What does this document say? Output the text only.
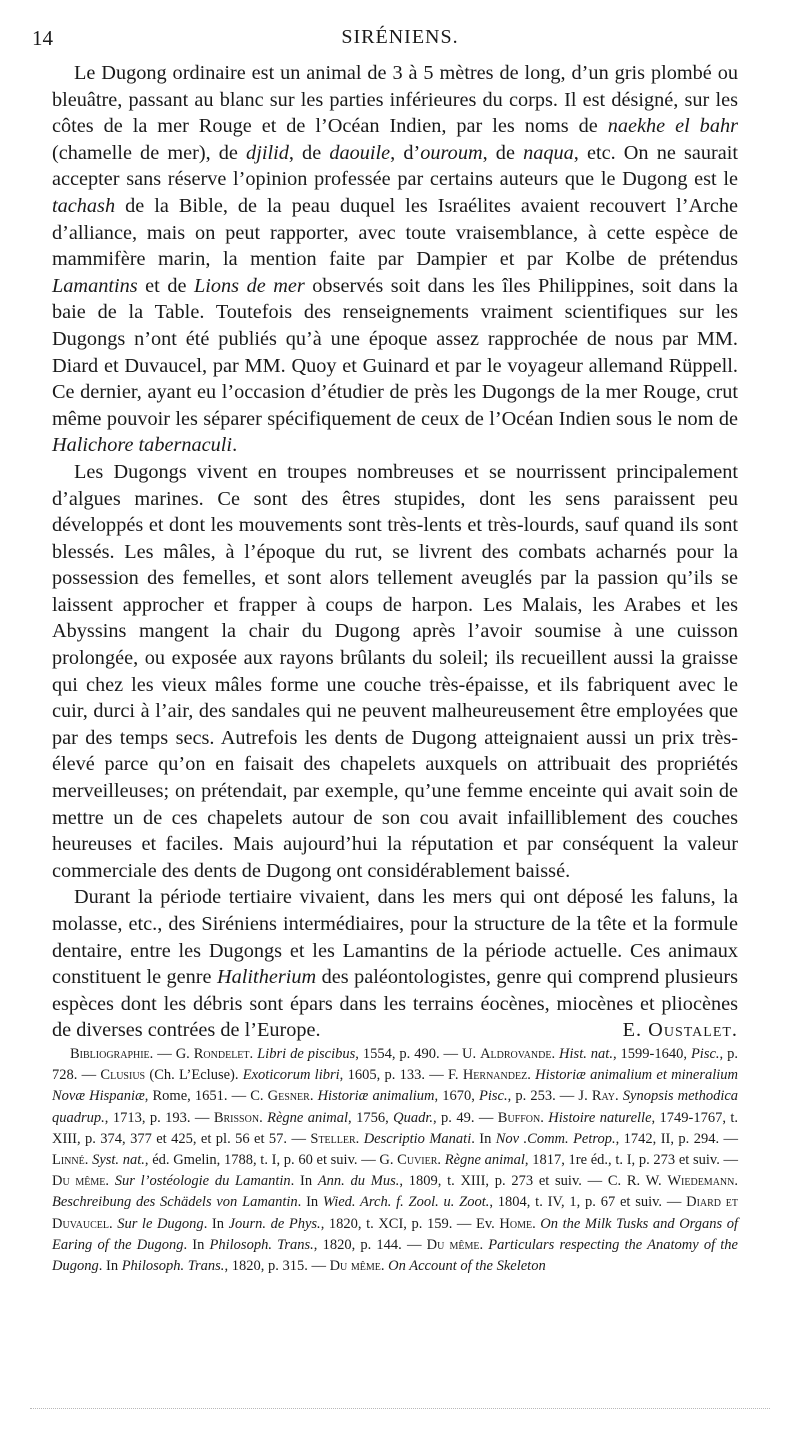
14	SIRÉNIENS.

Le Dugong ordinaire est un animal de 3 à 5 mètres de long, d’un gris plombé ou bleuâtre, passant au blanc sur les parties inférieures du corps. Il est désigné, sur les côtes de la mer Rouge et de l’Océan Indien, par les noms de naekhe el bahr (chamelle de mer), de djilid, de daouile, d’ouroum, de naqua, etc. On ne saurait accepter sans réserve l’opinion professée par certains auteurs que le Dugong est le tachash de la Bible, de la peau duquel les Israélites avaient recouvert l’Arche d’alliance, mais on peut rapporter, avec toute vraisemblance, à cette espèce de mammifère marin, la mention faite par Dampier et par Kolbe de prétendus Lamantins et de Lions de mer observés soit dans les îles Philippines, soit dans la baie de la Table. Toutefois des renseignements vraiment scientifiques sur les Dugongs n’ont été publiés qu’à une époque assez rapprochée de nous par MM. Diard et Duvaucel, par MM. Quoy et Guinard et par le voyageur allemand Rüppell. Ce dernier, ayant eu l’occasion d’étudier de près les Dugongs de la mer Rouge, crut même pouvoir les séparer spécifiquement de ceux de l’Océan Indien sous le nom de Halichore tabernaculi.

Les Dugongs vivent en troupes nombreuses et se nourrissent principalement d’algues marines. Ce sont des êtres stupides, dont les sens paraissent peu développés et dont les mouvements sont très-lents et très-lourds, sauf quand ils sont blessés. Les mâles, à l’époque du rut, se livrent des combats acharnés pour la possession des femelles, et sont alors tellement aveuglés par la passion qu’ils se laissent approcher et frapper à coups de harpon. Les Malais, les Arabes et les Abyssins mangent la chair du Dugong après l’avoir soumise à une cuisson prolongée, ou exposée aux rayons brûlants du soleil; ils recueillent aussi la graisse qui chez les vieux mâles forme une couche très-épaisse, et ils fabriquent avec le cuir, durci à l’air, des sandales qui ne peuvent malheureusement être employées que par des temps secs. Autrefois les dents de Dugong atteignaient aussi un prix très-élevé parce qu’on en faisait des chapelets auxquels on attribuait des propriétés merveilleuses; on prétendait, par exemple, qu’une femme enceinte qui avait soin de mettre un de ces chapelets autour de son cou avait infailliblement des couches heureuses et faciles. Mais aujourd’hui la réputation et par conséquent la valeur commerciale des dents de Dugong ont considérablement baissé.

Durant la période tertiaire vivaient, dans les mers qui ont déposé les faluns, la molasse, etc., des Siréniens intermédiaires, pour la structure de la tête et la formule dentaire, entre les Dugongs et les Lamantins de la période actuelle. Ces animaux constituent le genre Halitherium des paléontologistes, genre qui comprend plusieurs espèces dont les débris sont épars dans les terrains éocènes, miocènes et pliocènes de diverses contrées de l’Europe.	E. Oustalet.

Bibliographie. — G. Rondelet. Libri de piscibus, 1554, p. 490. — U. Aldrovande. Hist. nat., 1599-1640, Pisc., p. 728. — Clusius (Ch. L’Ecluse). Exoticorum libri, 1605, p. 133. — F. Hernandez. Historiæ animalium et mineralium Novæ Hispaniæ, Rome, 1651. — C. Gesner. Historiæ animalium, 1670, Pisc., p. 253. — J. Ray. Synopsis methodica quadrup., 1713, p. 193. — Brisson. Règne animal, 1756, Quadr., p. 49. — Buffon. Histoire naturelle, 1749-1767, t. XIII, p. 374, 377 et 425, et pl. 56 et 57. — Steller. Descriptio Manati. In Nov .Comm. Petrop., 1742, II, p. 294. — Linné. Syst. nat., éd. Gmelin, 1788, t. I, p. 60 et suiv. — G. Cuvier. Règne animal, 1817, 1re éd., t. I, p. 273 et suiv. — Du même. Sur l’ostéologie du Lamantin. In Ann. du Mus., 1809, t. XIII, p. 273 et suiv. — C. R. W. Wiedemann. Beschreibung des Schädels von Lamantin. In Wied. Arch. f. Zool. u. Zoot., 1804, t. IV, 1, p. 67 et suiv. — Diard et Duvaucel. Sur le Dugong. In Journ. de Phys., 1820, t. XCI, p. 159. — Ev. Home. On the Milk Tusks and Organs of Earing of the Dugong. In Philosoph. Trans., 1820, p. 144. — Du même. Particulars respecting the Anatomy of the Dugong. In Philosoph. Trans., 1820, p. 315. — Du même. On Account of the Skeleton
